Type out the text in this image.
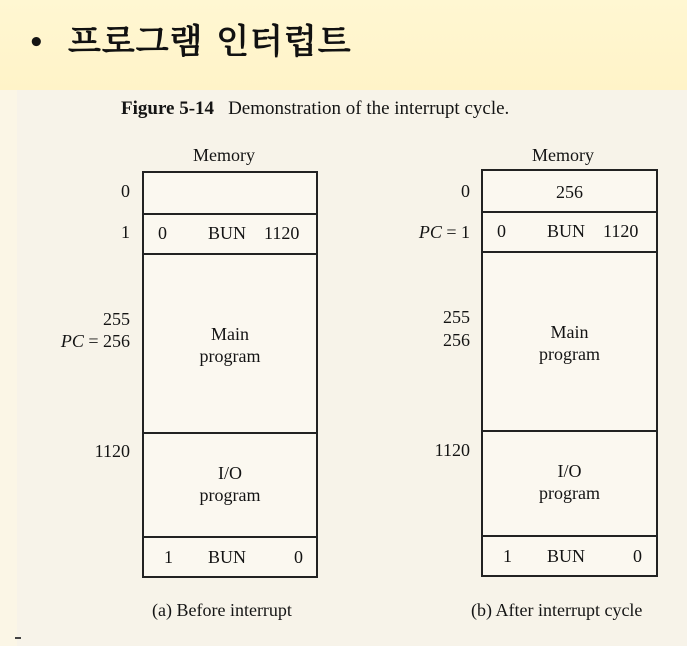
• 프로그램 인터럽트
Figure 5-14 Demonstration of the interrupt cycle.
Memory
0
1
255
PC = 256
1120
0 BUN 1120
Main
program
I/O
program
1 BUN	0
(a) Before interrupt
Memory
0
PC = 1
255
256
1120
256
0 BUN 1120
Main
program
I/O
program
1 BUN	0
(b) After interrupt cycle
